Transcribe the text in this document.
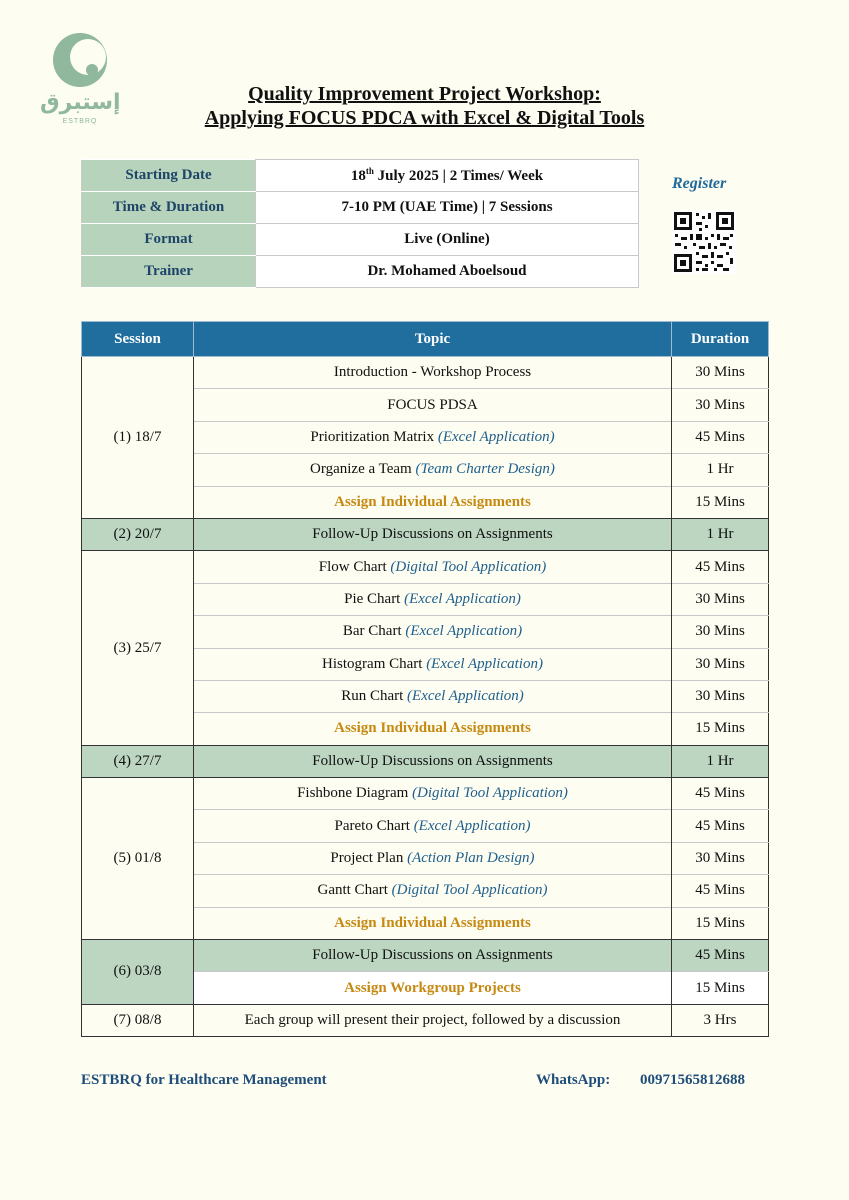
إستبرق
ESTBRQ
Quality Improvement Project Workshop:
Applying FOCUS PDCA with Excel & Digital Tools
Starting Date	18th July 2025 | 2 Times/ Week
Time & Duration	7-10 PM (UAE Time) | 7 Sessions
Format	Live (Online)
Trainer	Dr. Mohamed Aboelsoud
Register
Session	Topic	Duration
(1) 18/7	Introduction - Workshop Process	30 Mins
	FOCUS PDSA	30 Mins
	Prioritization Matrix (Excel Application)	45 Mins
	Organize a Team (Team Charter Design)	1 Hr
	Assign Individual Assignments	15 Mins
(2) 20/7	Follow-Up Discussions on Assignments	1 Hr
(3) 25/7	Flow Chart (Digital Tool Application)	45 Mins
	Pie Chart (Excel Application)	30 Mins
	Bar Chart (Excel Application)	30 Mins
	Histogram Chart (Excel Application)	30 Mins
	Run Chart (Excel Application)	30 Mins
	Assign Individual Assignments	15 Mins
(4) 27/7	Follow-Up Discussions on Assignments	1 Hr
(5) 01/8	Fishbone Diagram (Digital Tool Application)	45 Mins
	Pareto Chart (Excel Application)	45 Mins
	Project Plan (Action Plan Design)	30 Mins
	Gantt Chart (Digital Tool Application)	45 Mins
	Assign Individual Assignments	15 Mins
(6) 03/8	Follow-Up Discussions on Assignments	45 Mins
	Assign Workgroup Projects	15 Mins
(7) 08/8	Each group will present their project, followed by a discussion	3 Hrs
ESTBRQ for Healthcare Management	WhatsApp: 00971565812688
